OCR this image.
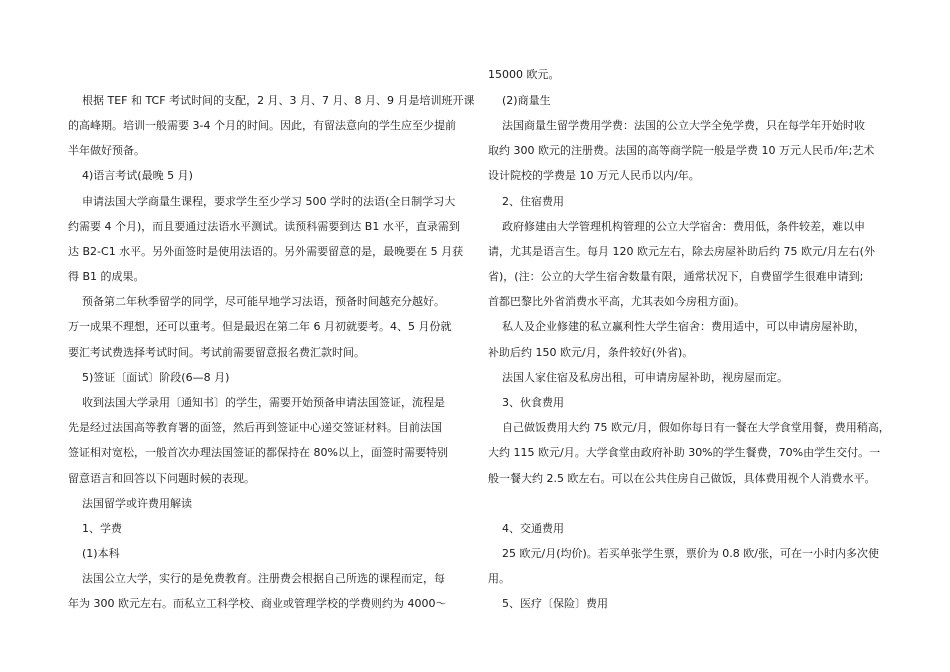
根据 TEF 和 TCF 考试时间的支配，2 月、3 月、7 月、8 月、9 月是培训班开课
的高峰期。培训一般需要 3-4 个月的时间。因此，有留法意向的学生应至少提前
半年做好预备。
4)语言考试(最晚 5 月)
申请法国大学商量生课程，要求学生至少学习 500 学时的法语(全日制学习大
约需要 4 个月)，而且要通过法语水平测试。读预科需要到达 B1 水平，直录需到
达 B2-C1 水平。另外面签时是使用法语的。另外需要留意的是，最晚要在 5 月获
得 B1 的成果。
预备第二年秋季留学的同学，尽可能早地学习法语，预备时间越充分越好。
万一成果不理想，还可以重考。但是最迟在第二年 6 月初就要考。4、5 月份就
要汇考试费选择考试时间。考试前需要留意报名费汇款时间。
5)签证〔面试〕阶段(6—8 月)
收到法国大学录用〔通知书〕的学生，需要开始预备申请法国签证，流程是
先是经过法国高等教育署的面签，然后再到签证中心递交签证材料。目前法国
签证相对宽松，一般首次办理法国签证的都保持在 80%以上，面签时需要特别
留意语言和回答以下问题时候的表现。
法国留学或许费用解读
1、学费
(1)本科
法国公立大学，实行的是免费教育。注册费会根据自己所选的课程而定，每
年为 300 欧元左右。而私立工科学校、商业或管理学校的学费则约为 4000～
15000 欧元。
(2)商量生
法国商量生留学费用学费：法国的公立大学全免学费，只在每学年开始时收
取约 300 欧元的注册费。法国的高等商学院一般是学费 10 万元人民币/年;艺术
设计院校的学费是 10 万元人民币以内/年。
2、住宿费用
政府修建由大学管理机构管理的公立大学宿舍：费用低，条件较差，难以申
请，尤其是语言生。每月 120 欧元左右，除去房屋补助后约 75 欧元/月左右(外
省)，(注：公立的大学生宿舍数量有限，通常状况下，自费留学生很难申请到;
首都巴黎比外省消费水平高，尤其表如今房租方面)。
私人及企业修建的私立赢利性大学生宿舍：费用适中，可以申请房屋补助，
补助后约 150 欧元/月，条件较好(外省)。
法国人家住宿及私房出租，可申请房屋补助，视房屋而定。
3、伙食费用
自己做饭费用大约 75 欧元/月，假如你每日有一餐在大学食堂用餐，费用稍高，
大约 115 欧元/月。大学食堂由政府补助 30%的学生餐费，70%由学生交付。一
般一餐大约 2.5 欧左右。可以在公共住房自己做饭，具体费用视个人消费水平。
4、交通费用
25 欧元/月(均价)。若买单张学生票，票价为 0.8 欧/张，可在一小时内多次使
用。
5、医疗〔保险〕费用
